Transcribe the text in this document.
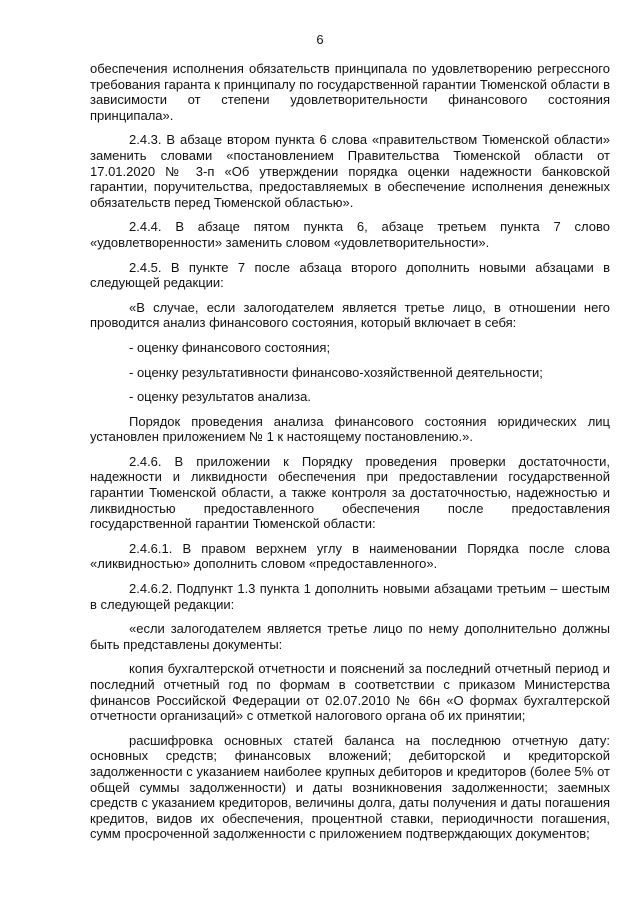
6

обеспечения исполнения обязательств принципала по удовлетворению регрессного требования гаранта к принципалу по государственной гарантии Тюменской области в зависимости от степени удовлетворительности финансового состояния принципала».

2.4.3. В абзаце втором пункта 6 слова «правительством Тюменской области» заменить словами «постановлением Правительства Тюменской области от 17.01.2020 № 3-п «Об утверждении порядка оценки надежности банковской гарантии, поручительства, предоставляемых в обеспечение исполнения денежных обязательств перед Тюменской областью».

2.4.4. В абзаце пятом пункта 6, абзаце третьем пункта 7 слово «удовлетворенности» заменить словом «удовлетворительности».

2.4.5. В пункте 7 после абзаца второго дополнить новыми абзацами в следующей редакции:

«В случае, если залогодателем является третье лицо, в отношении него проводится анализ финансового состояния, который включает в себя:

- оценку финансового состояния;

- оценку результативности финансово-хозяйственной деятельности;

- оценку результатов анализа.

Порядок проведения анализа финансового состояния юридических лиц установлен приложением № 1 к настоящему постановлению.».

2.4.6. В приложении к Порядку проведения проверки достаточности, надежности и ликвидности обеспечения при предоставлении государственной гарантии Тюменской области, а также контроля за достаточностью, надежностью и ликвидностью предоставленного обеспечения после предоставления государственной гарантии Тюменской области:

2.4.6.1. В правом верхнем углу в наименовании Порядка после слова «ликвидностью» дополнить словом «предоставленного».

2.4.6.2. Подпункт 1.3 пункта 1 дополнить новыми абзацами третьим – шестым в следующей редакции:

«если залогодателем является третье лицо по нему дополнительно должны быть представлены документы:

копия бухгалтерской отчетности и пояснений за последний отчетный период и последний отчетный год по формам в соответствии с приказом Министерства финансов Российской Федерации от 02.07.2010 № 66н «О формах бухгалтерской отчетности организаций» с отметкой налогового органа об их принятии;

расшифровка основных статей баланса на последнюю отчетную дату: основных средств; финансовых вложений; дебиторской и кредиторской задолженности с указанием наиболее крупных дебиторов и кредиторов (более 5% от общей суммы задолженности) и даты возникновения задолженности; заемных средств с указанием кредиторов, величины долга, даты получения и даты погашения кредитов, видов их обеспечения, процентной ставки, периодичности погашения, сумм просроченной задолженности с приложением подтверждающих документов;
